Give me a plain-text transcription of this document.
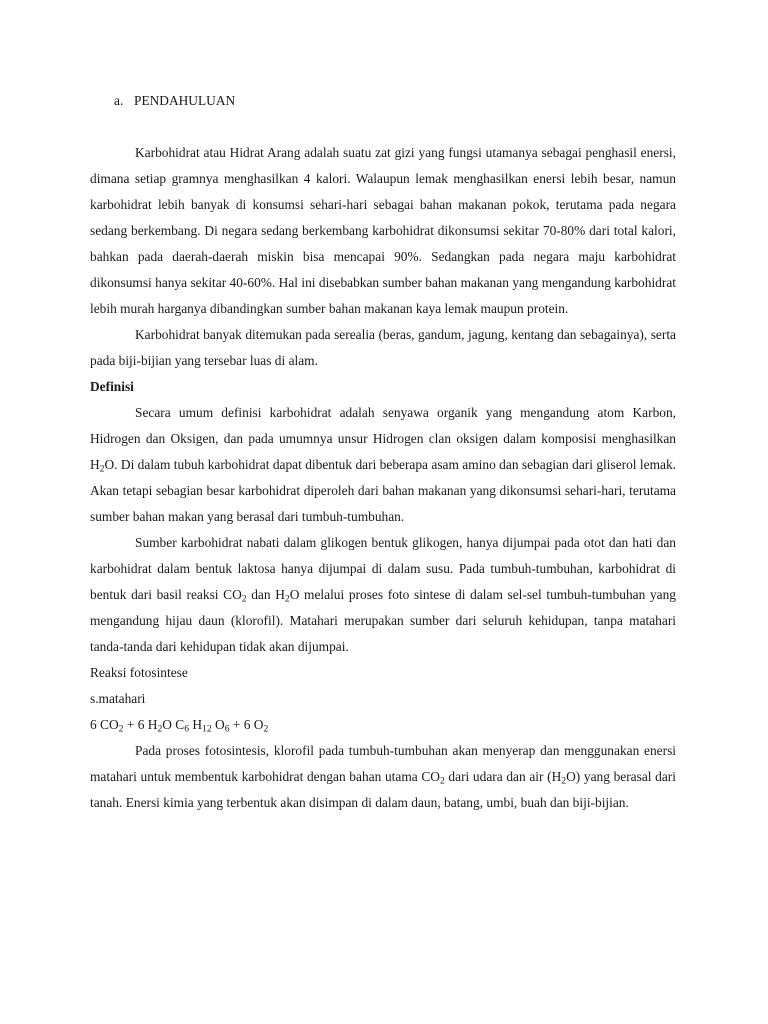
a. PENDAHULUAN

Karbohidrat atau Hidrat Arang adalah suatu zat gizi yang fungsi utamanya sebagai penghasil enersi, dimana setiap gramnya menghasilkan 4 kalori. Walaupun lemak menghasilkan enersi lebih besar, namun karbohidrat lebih banyak di konsumsi sehari-hari sebagai bahan makanan pokok, terutama pada negara sedang berkembang. Di negara sedang berkembang karbohidrat dikonsumsi sekitar 70-80% dari total kalori, bahkan pada daerah-daerah miskin bisa mencapai 90%. Sedangkan pada negara maju karbohidrat dikonsumsi hanya sekitar 40-60%. Hal ini disebabkan sumber bahan makanan yang mengandung karbohidrat lebih murah harganya dibandingkan sumber bahan makanan kaya lemak maupun protein.

Karbohidrat banyak ditemukan pada serealia (beras, gandum, jagung, kentang dan sebagainya), serta pada biji-bijian yang tersebar luas di alam.

Definisi

Secara umum definisi karbohidrat adalah senyawa organik yang mengandung atom Karbon, Hidrogen dan Oksigen, dan pada umumnya unsur Hidrogen clan oksigen dalam komposisi menghasilkan $H_2O$. Di dalam tubuh karbohidrat dapat dibentuk dari beberapa asam amino dan sebagian dari gliserol lemak. Akan tetapi sebagian besar karbohidrat diperoleh dari bahan makanan yang dikonsumsi sehari-hari, terutama sumber bahan makan yang berasal dari tumbuh-tumbuhan.

Sumber karbohidrat nabati dalam glikogen bentuk glikogen, hanya dijumpai pada otot dan hati dan karbohidrat dalam bentuk laktosa hanya dijumpai di dalam susu. Pada tumbuh-tumbuhan, karbohidrat di bentuk dari basil reaksi $CO_2$ dan $H_2O$ melalui proses foto sintese di dalam sel-sel tumbuh-tumbuhan yang mengandung hijau daun (klorofil). Matahari merupakan sumber dari seluruh kehidupan, tanpa matahari tanda-tanda dari kehidupan tidak akan dijumpai.

Reaksi fotosintese
s.matahari
6 $CO_2 + 6$ $H_2O$ $C_6$ $H_{12}$ $O_6 + 6$ $O_2$

Pada proses fotosintesis, klorofil pada tumbuh-tumbuhan akan menyerap dan menggunakan enersi matahari untuk membentuk karbohidrat dengan bahan utama $CO_2$ dari udara dan air $(H_2O)$ yang berasal dari tanah. Enersi kimia yang terbentuk akan disimpan di dalam daun, batang, umbi, buah dan biji-bijian.
